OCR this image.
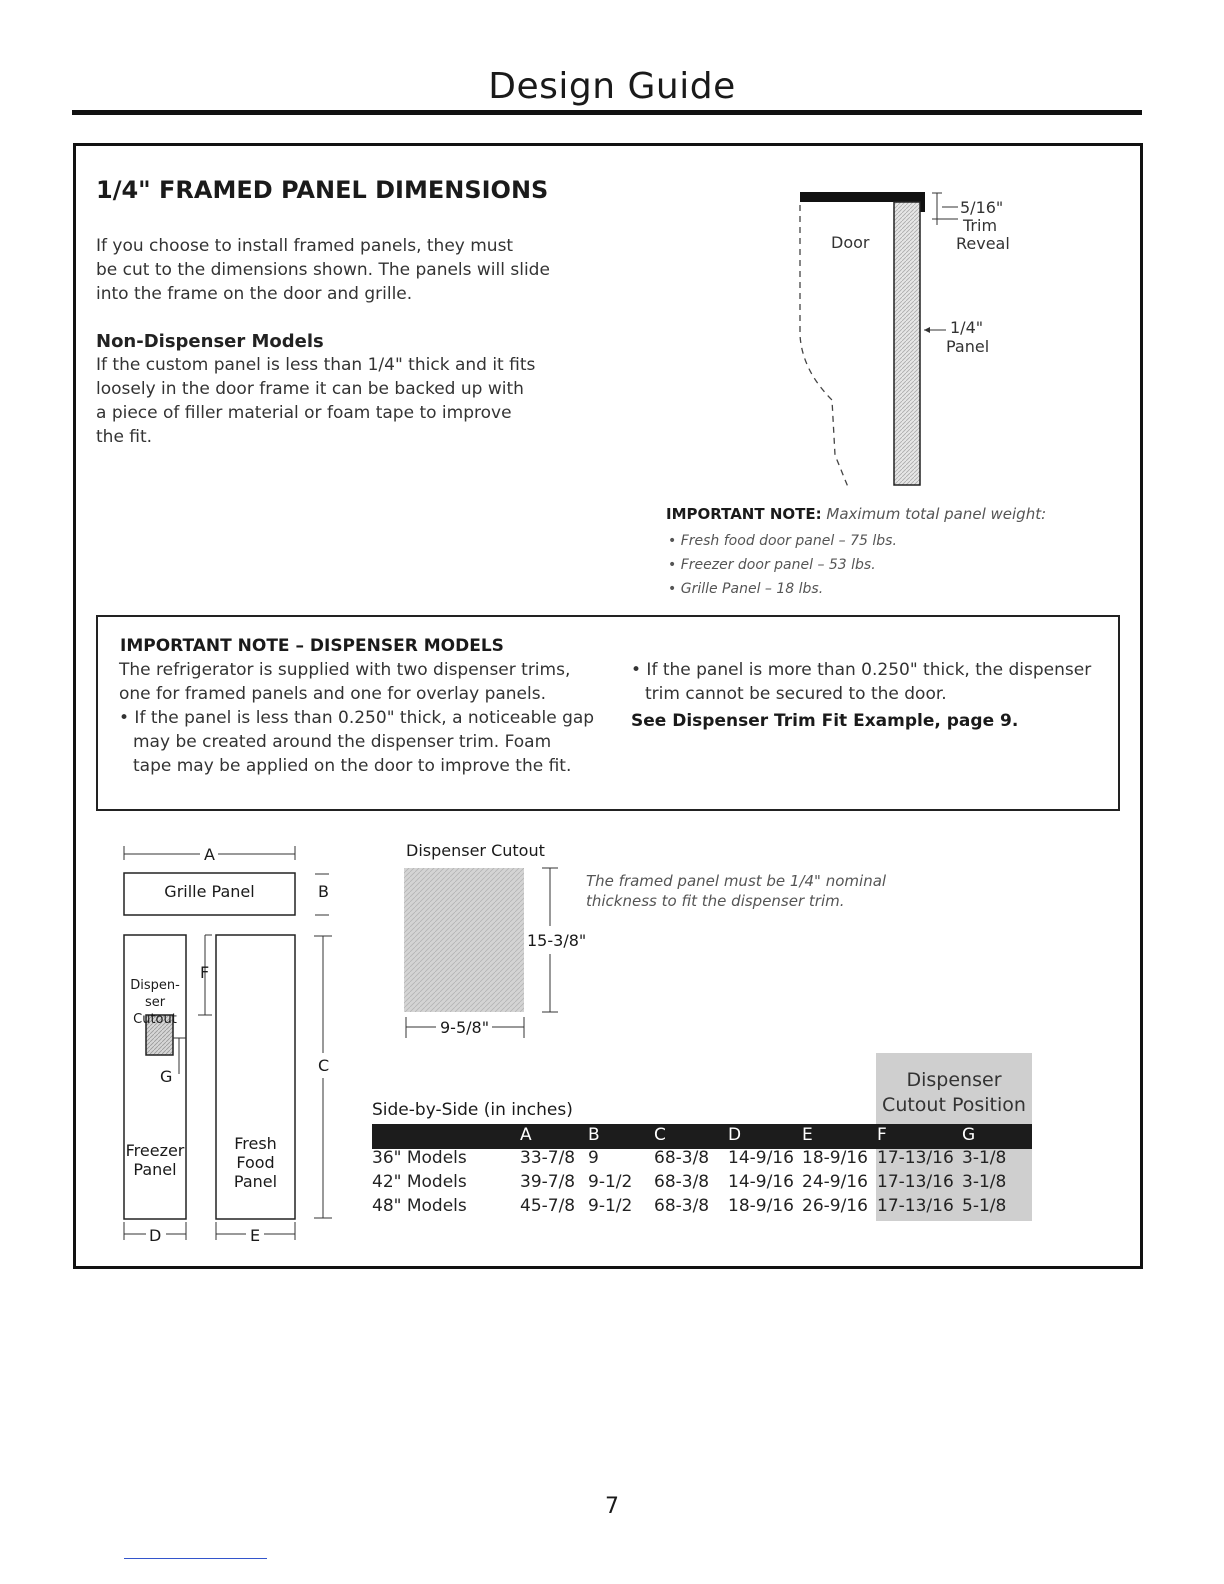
Design Guide
1/4" FRAMED PANEL DIMENSIONS
If you choose to install framed panels, they must
be cut to the dimensions shown. The panels will slide
into the frame on the door and grille.
Non-Dispenser Models
If the custom panel is less than 1/4" thick and it fits
loosely in the door frame it can be backed up with
a piece of filler material or foam tape to improve
the fit.
Door
5/16"
Trim
Reveal
1/4"
Panel
IMPORTANT NOTE: Maximum total panel weight:
• Fresh food door panel – 75 lbs.
• Freezer door panel – 53 lbs.
• Grille Panel – 18 lbs.
IMPORTANT NOTE – DISPENSER MODELS
The refrigerator is supplied with two dispenser trims,
one for framed panels and one for overlay panels.
• If the panel is less than 0.250" thick, a noticeable gap
may be created around the dispenser trim. Foam
tape may be applied on the door to improve the fit.
• If the panel is more than 0.250" thick, the dispenser
trim cannot be secured to the door.
See Dispenser Trim Fit Example, page 9.
A
B
C
D	E
F
G
Grille Panel
Dispen-ser
Cutout
Freezer
Panel
Fresh
Food
Panel
Dispenser Cutout
15-3/8"
9-5/8"
The framed panel must be 1/4" nominal
thickness to fit the dispenser trim.
Dispenser
Cutout Position
Side-by-Side (in inches)
A	B	C	D	E	F	G
36" Models	33-7/8 9	68-3/8 14-9/16 18-9/16 17-13/16 3-1/8
42" Models	39-7/8 9-1/2 68-3/8 14-9/16 24-9/16 17-13/16 3-1/8
48" Models	45-7/8 9-1/2 68-3/8 18-9/16 26-9/16 17-13/16 5-1/8
7
